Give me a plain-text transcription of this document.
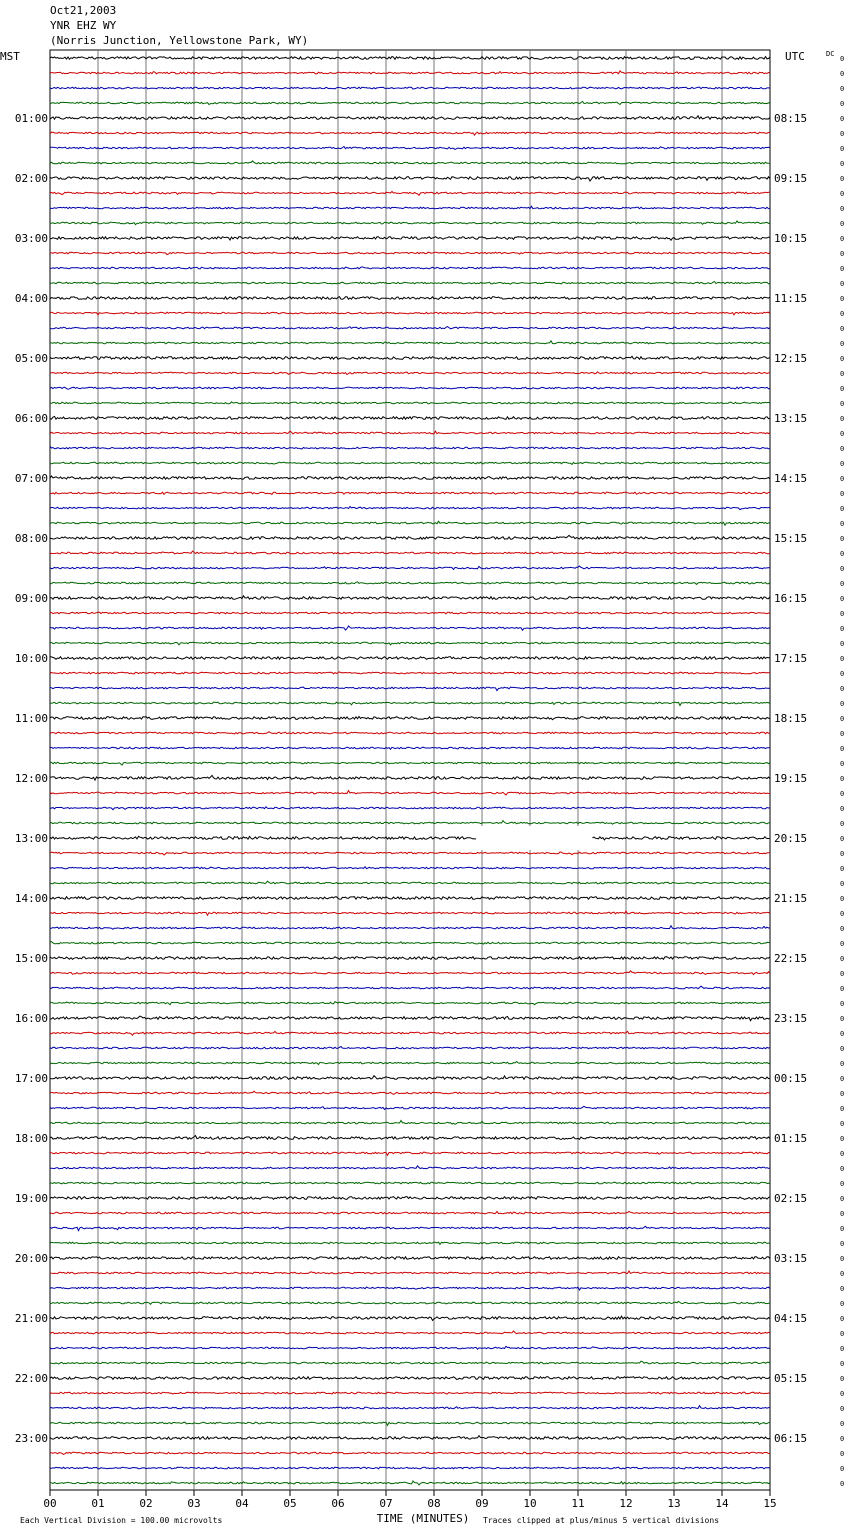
Oct21,2003
YNR EHZ WY
(Norris Junction, Yellowstone Park, WY)
MST	UTC	DC
01:00
02:00
03:00
04:00
05:00
06:00
07:00
08:00
09:00
10:00
11:00
12:00
13:00
14:00
15:00
16:00
17:00
18:00
19:00
20:00
21:00
22:00
23:00
08:15
09:15
10:15
11:15
12:15
13:15
14:15
15:15
16:15
17:15
18:15
19:15
20:15
21:15
22:15
23:15
00:15
01:15
02:15
03:15
04:15
05:15
06:15
0
0
0
0
0
0
0
0
0
0
0
0
0
0
0
0
0
0
0
0
0
0
0
0
0
0
0
0
0
0
0
0
0
0
0
0
0
0
0
0
0
0
0
0
0
0
0
0
0
0
0
0
0
0
0
0
0
0
0
0
0
0
0
0
0
0
0
0
0
0
0
0
0
0
0
0
0
0
0
0
0
0
0
0
0
0
0
0
0
0
0
0
0
0
0
0
00	01	02	03	04	05	06	07	08	09	10	11	12	13	14	15
Each Vertical Division = 100.00 microvolts	TIME (MINUTES) Traces clipped at plus/minus 5 vertical divisions
